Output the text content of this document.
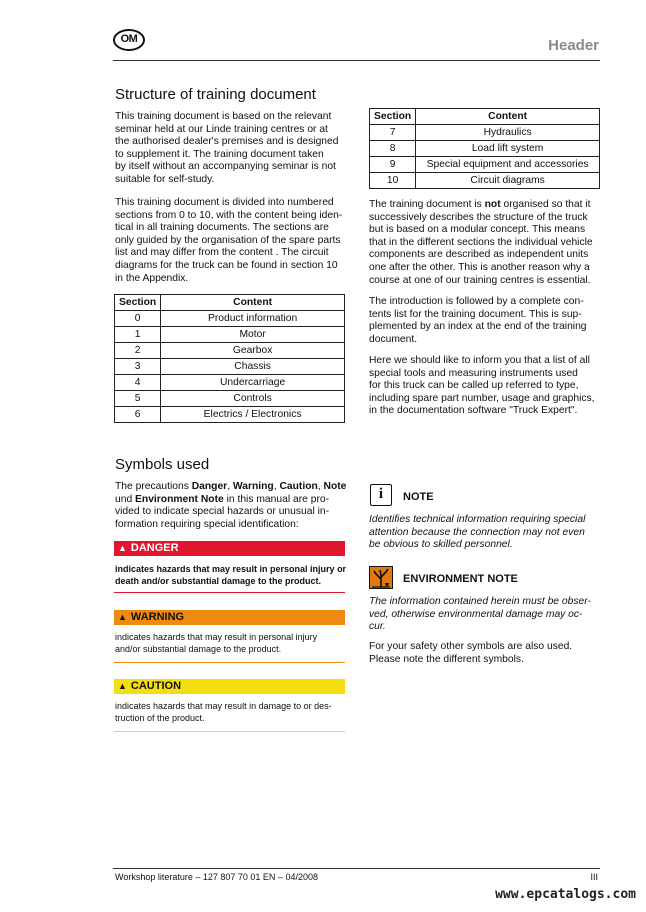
OM	Header
Structure of training document

This training document is based on the relevant

seminar held at our Linde training centres or at

the authorised dealer's premises and is designed

to supplement it. The training document taken

by itself without an accompanying seminar is not

suitable for self-study.

This training document is divided into numbered

sections from 0 to 10, with the content being iden-

tical in all training documents. The sections are

only guided by the organisation of the spare parts

list and may differ from the content . The circuit

diagrams for the truck can be found in section 10

in the Appendix.

Section	Content
0	Product information
1	Motor
2	Gearbox
3	Chassis
4	Undercarriage
5	Controls
6	Electrics / Electronics
Section	Content
7	Hydraulics
8	Load lift system
9	Special equipment and accessories
10	Circuit diagrams

The training document is not organised so that it

successively describes the structure of the truck

but is based on a modular concept. This means

that in the different sections the individual vehicle

components are described as independent units

one after the other. This is another reason why a

course at one of our training centres is essential.

The introduction is followed by a complete con-

tents list for the training document. This is sup-

plemented by an index at the end of the training

document.

Here we should like to inform you that a list of all

special tools and measuring instruments used

for this truck can be called up referred to type,

including spare part number, usage and graphics,

in the documentation software "Truck Expert".

Symbols used

The precautions Danger, Warning, Caution, Note

und Environment Note in this manual are pro-

vided to indicate special hazards or unusual in-

formation requiring special identification:

▲ DANGER

indicates hazards that may result in personal injury or

death and/or substantial damage to the product.

▲ WARNING

indicates hazards that may result in personal injury

and/or substantial damage to the product.

▲ CAUTION

indicates hazards that may result in damage to or des-

truction of the product.

i	NOTE

Identifies technical information requiring special

attention because the connection may not even

be obvious to skilled personnel.

ENVIRONMENT NOTE

The information contained herein must be obser-

ved, otherwise environmental damage may oc-

cur.

For your safety other symbols are also used.

Please note the different symbols.

Workshop literature – 127 807 70 01 EN – 04/2008	III
www.epcatalogs.com
